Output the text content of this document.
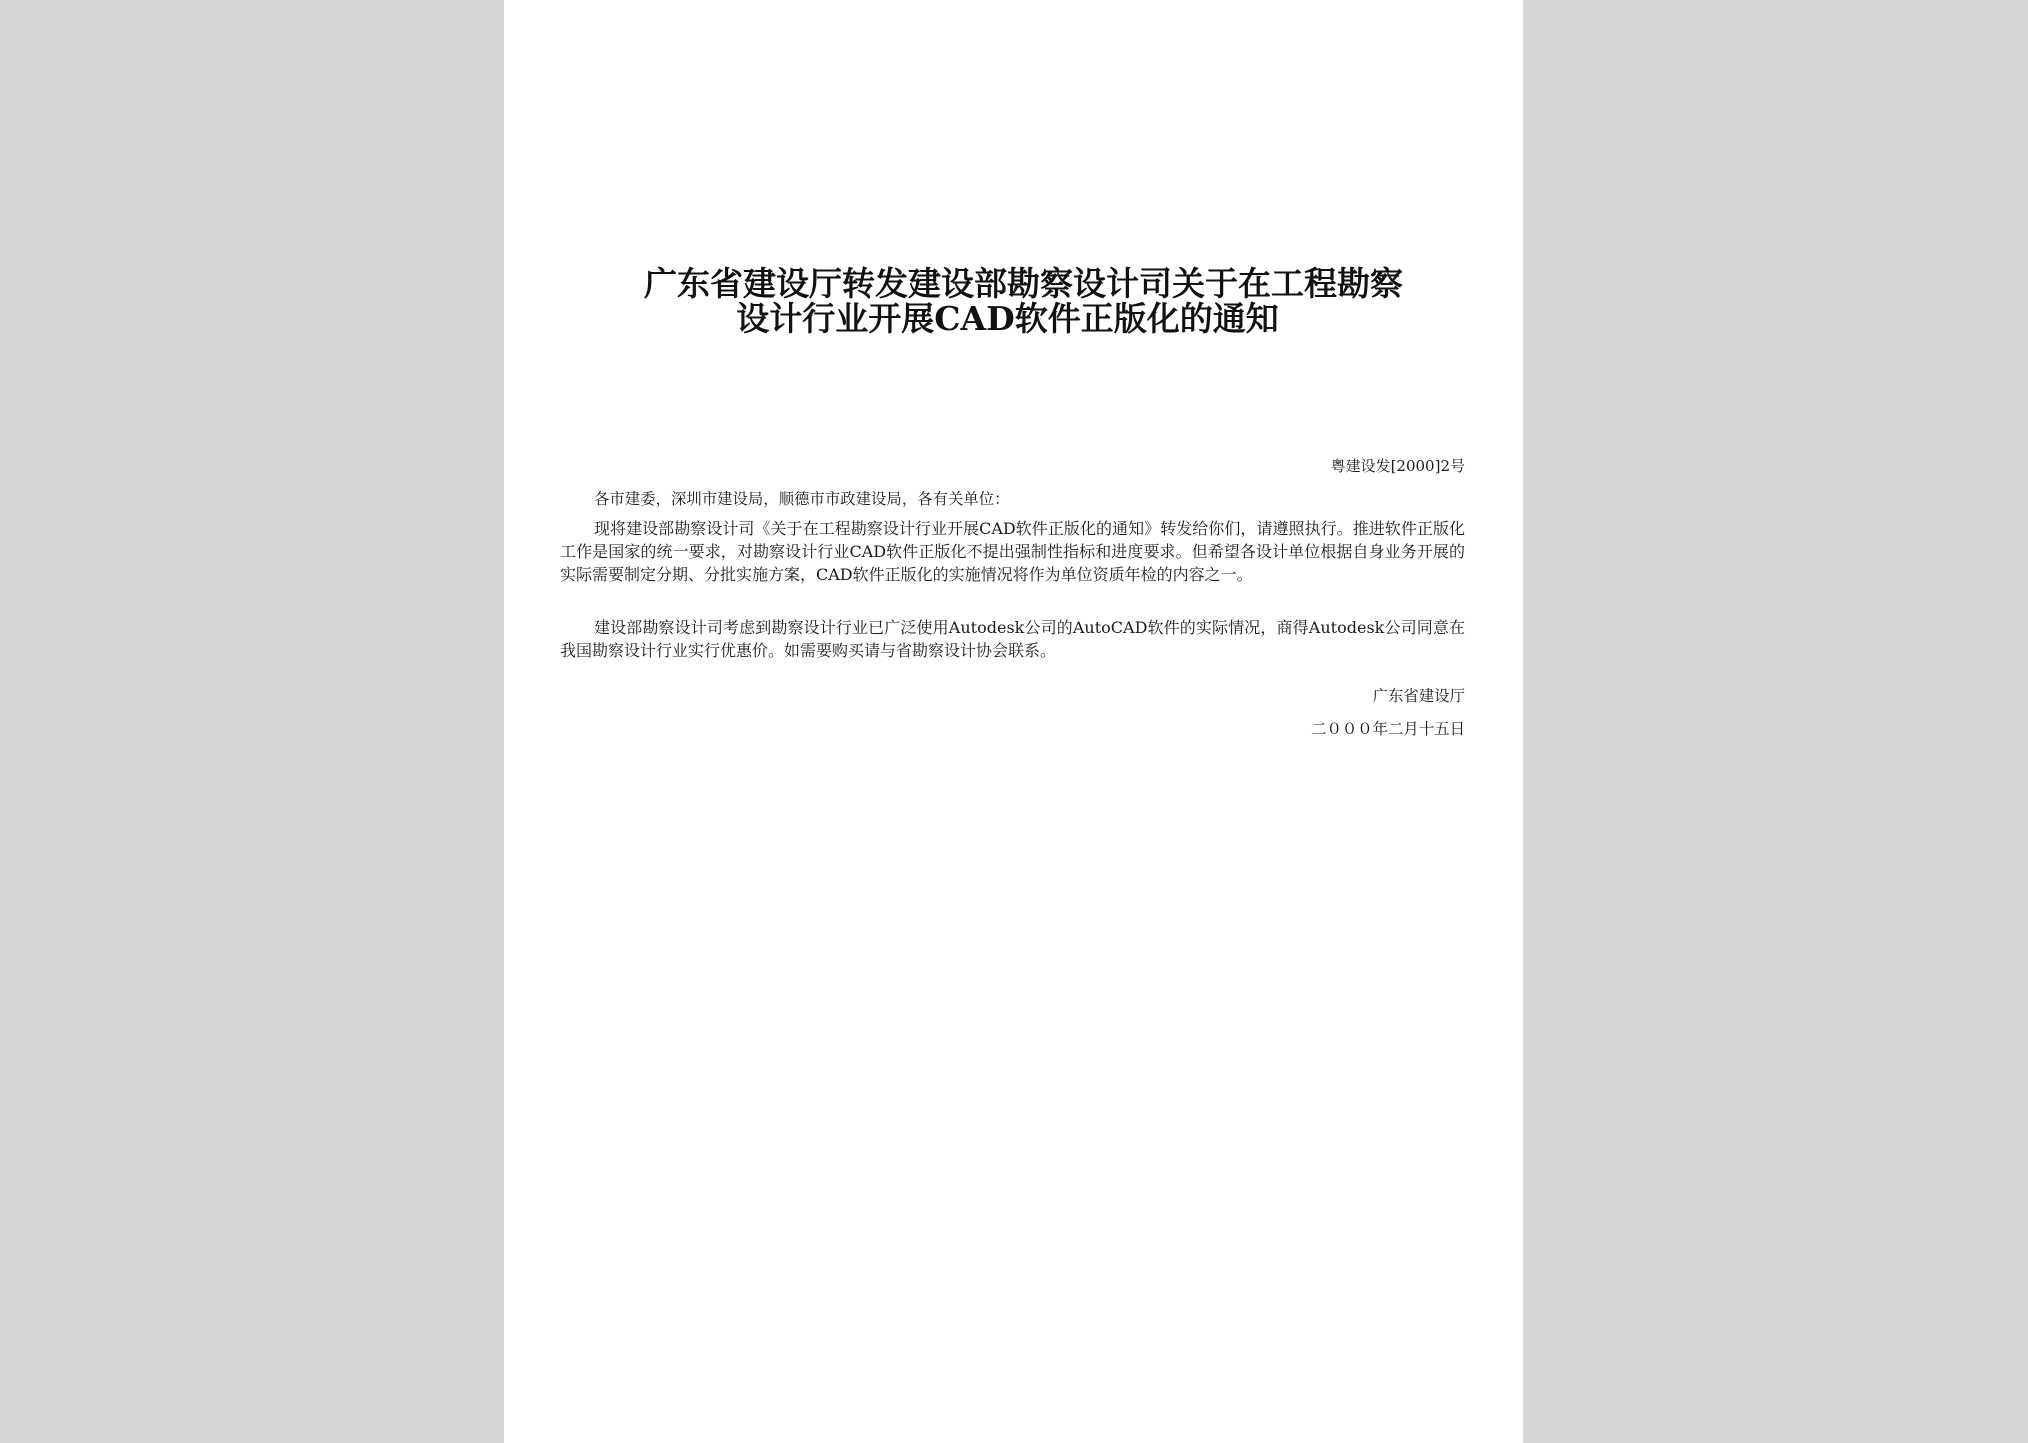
广东省建设厅转发建设部勘察设计司关于在工程勘察
设计行业开展CAD软件正版化的通知
粤建设发[2000]2号
各市建委，深圳市建设局，顺德市市政建设局，各有关单位：

现将建设部勘察设计司《关于在工程勘察设计行业开展CAD软件正版化的通知》转发给你们，请遵照执行。推进软件正版化工作是国家的统一要求，对勘察设计行业CAD软件正版化不提出强制性指标和进度要求。但希望各设计单位根据自身业务开展的实际需要制定分期、分批实施方案，CAD软件正版化的实施情况将作为单位资质年检的内容之一。

建设部勘察设计司考虑到勘察设计行业已广泛使用Autodesk公司的AutoCAD软件的实际情况，商得Autodesk公司同意在我国勘察设计行业实行优惠价。如需要购买请与省勘察设计协会联系。

广东省建设厅
二０００年二月十五日
